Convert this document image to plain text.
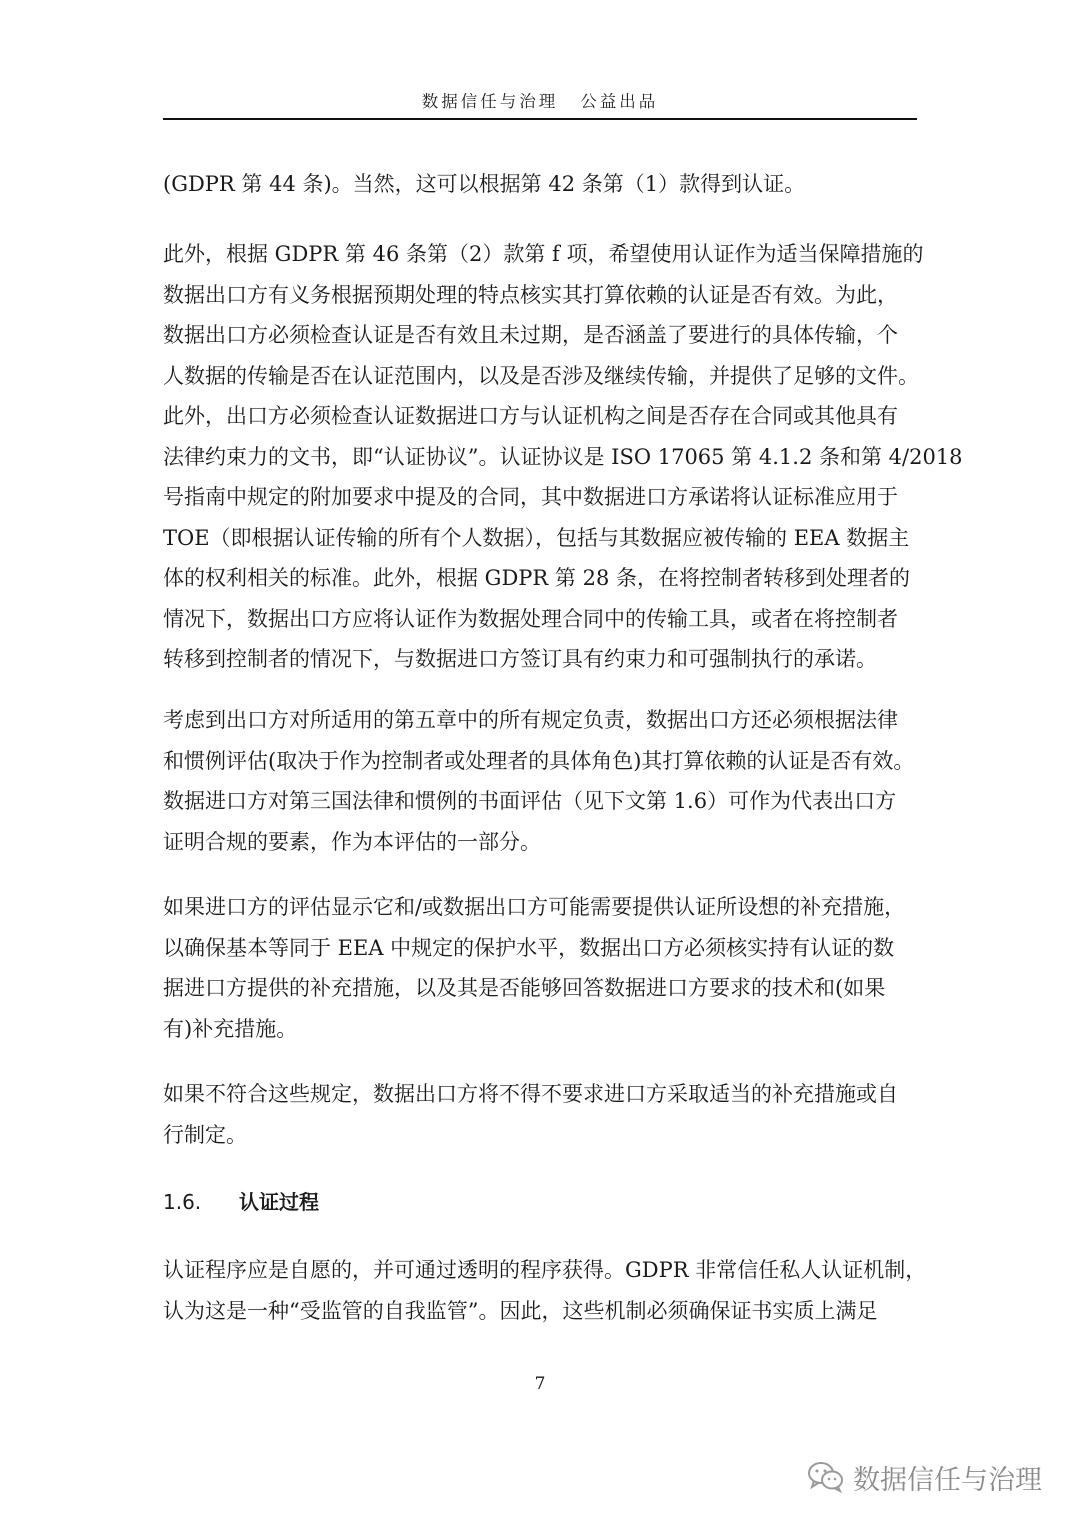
数据信任与治理 公益出品
(GDPR 第 44 条)。当然，这可以根据第 42 条第（1）款得到认证。
此外，根据 GDPR 第 46 条第（2）款第 f 项，希望使用认证作为适当保障措施的
数据出口方有义务根据预期处理的特点核实其打算依赖的认证是否有效。为此，
数据出口方必须检查认证是否有效且未过期，是否涵盖了要进行的具体传输，个
人数据的传输是否在认证范围内，以及是否涉及继续传输，并提供了足够的文件。
此外，出口方必须检查认证数据进口方与认证机构之间是否存在合同或其他具有
法律约束力的文书，即“认证协议”。认证协议是 ISO 17065 第 4.1.2 条和第 4/2018
号指南中规定的附加要求中提及的合同，其中数据进口方承诺将认证标准应用于
TOE（即根据认证传输的所有个人数据），包括与其数据应被传输的 EEA 数据主
体的权利相关的标准。此外，根据 GDPR 第 28 条，在将控制者转移到处理者的
情况下，数据出口方应将认证作为数据处理合同中的传输工具，或者在将控制者
转移到控制者的情况下，与数据进口方签订具有约束力和可强制执行的承诺。
考虑到出口方对所适用的第五章中的所有规定负责，数据出口方还必须根据法律
和惯例评估(取决于作为控制者或处理者的具体角色)其打算依赖的认证是否有效。
数据进口方对第三国法律和惯例的书面评估（见下文第 1.6）可作为代表出口方
证明合规的要素，作为本评估的一部分。
如果进口方的评估显示它和/或数据出口方可能需要提供认证所设想的补充措施，
以确保基本等同于 EEA 中规定的保护水平，数据出口方必须核实持有认证的数
据进口方提供的补充措施，以及其是否能够回答数据进口方要求的技术和(如果
有)补充措施。
如果不符合这些规定，数据出口方将不得不要求进口方采取适当的补充措施或自
行制定。
1.6. 认证过程
认证程序应是自愿的，并可通过透明的程序获得。GDPR 非常信任私人认证机制，
认为这是一种“受监管的自我监管”。因此，这些机制必须确保证书实质上满足
7
数据信任与治理
